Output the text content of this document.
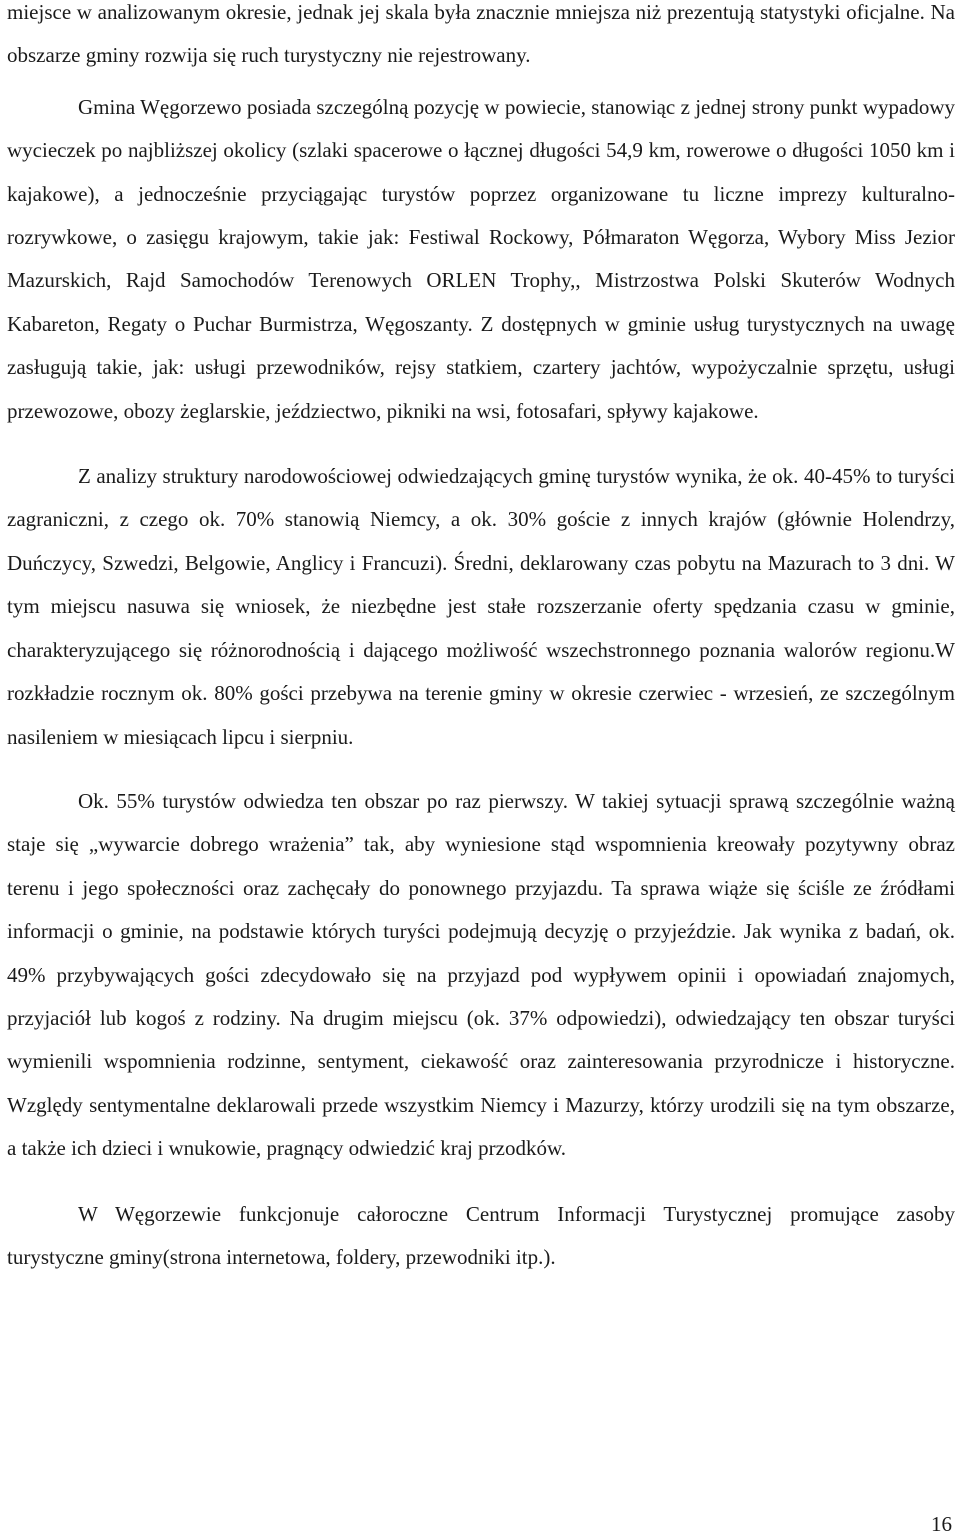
miejsce w analizowanym okresie, jednak jej skala była znacznie mniejsza niż prezentują statystyki oficjalne. Na obszarze gminy rozwija się ruch turystyczny nie rejestrowany.

Gmina Węgorzewo posiada szczególną pozycję w powiecie, stanowiąc z jednej strony punkt wypadowy wycieczek po najbliższej okolicy (szlaki spacerowe o łącznej długości 54,9 km, rowerowe o długości 1050 km i kajakowe), a jednocześnie przyciągając turystów poprzez organizowane tu liczne imprezy kulturalno-rozrywkowe, o zasięgu krajowym, takie jak: Festiwal Rockowy, Półmaraton Węgorza, Wybory Miss Jezior Mazurskich, Rajd Samochodów Terenowych ORLEN Trophy,, Mistrzostwa Polski Skuterów Wodnych Kabareton, Regaty o Puchar Burmistrza, Węgoszanty. Z dostępnych w gminie usług turystycznych na uwagę zasługują takie, jak: usługi przewodników, rejsy statkiem, czartery jachtów, wypożyczalnie sprzętu, usługi przewozowe, obozy żeglarskie, jeździectwo, pikniki na wsi, fotosafari, spływy kajakowe.

Z analizy struktury narodowościowej odwiedzających gminę turystów wynika, że ok. 40-45% to turyści zagraniczni, z czego ok. 70% stanowią Niemcy, a ok. 30% goście z innych krajów (głównie Holendrzy, Duńczycy, Szwedzi, Belgowie, Anglicy i Francuzi). Średni, deklarowany czas pobytu na Mazurach to 3 dni. W tym miejscu nasuwa się wniosek, że niezbędne jest stałe rozszerzanie oferty spędzania czasu w gminie, charakteryzującego się różnorodnością i dającego możliwość wszechstronnego poznania walorów regionu.W rozkładzie rocznym ok. 80% gości przebywa na terenie gminy w okresie czerwiec - wrzesień, ze szczególnym nasileniem w miesiącach lipcu i sierpniu.

Ok. 55% turystów odwiedza ten obszar po raz pierwszy. W takiej sytuacji sprawą szczególnie ważną staje się „wywarcie dobrego wrażenia” tak, aby wyniesione stąd wspomnienia kreowały pozytywny obraz terenu i jego społeczności oraz zachęcały do ponownego przyjazdu. Ta sprawa wiąże się ściśle ze źródłami informacji o gminie, na podstawie których turyści podejmują decyzję o przyjeździe. Jak wynika z badań, ok. 49% przybywających gości zdecydowało się na przyjazd pod wypływem opinii i opowiadań znajomych, przyjaciół lub kogoś z rodziny. Na drugim miejscu (ok. 37% odpowiedzi), odwiedzający ten obszar turyści wymienili wspomnienia rodzinne, sentyment, ciekawość oraz zainteresowania przyrodnicze i historyczne. Względy sentymentalne deklarowali przede wszystkim Niemcy i Mazurzy, którzy urodzili się na tym obszarze, a także ich dzieci i wnukowie, pragnący odwiedzić kraj przodków.

W Węgorzewie funkcjonuje całoroczne Centrum Informacji Turystycznej promujące zasoby turystyczne gminy(strona internetowa, foldery, przewodniki itp.).

16
